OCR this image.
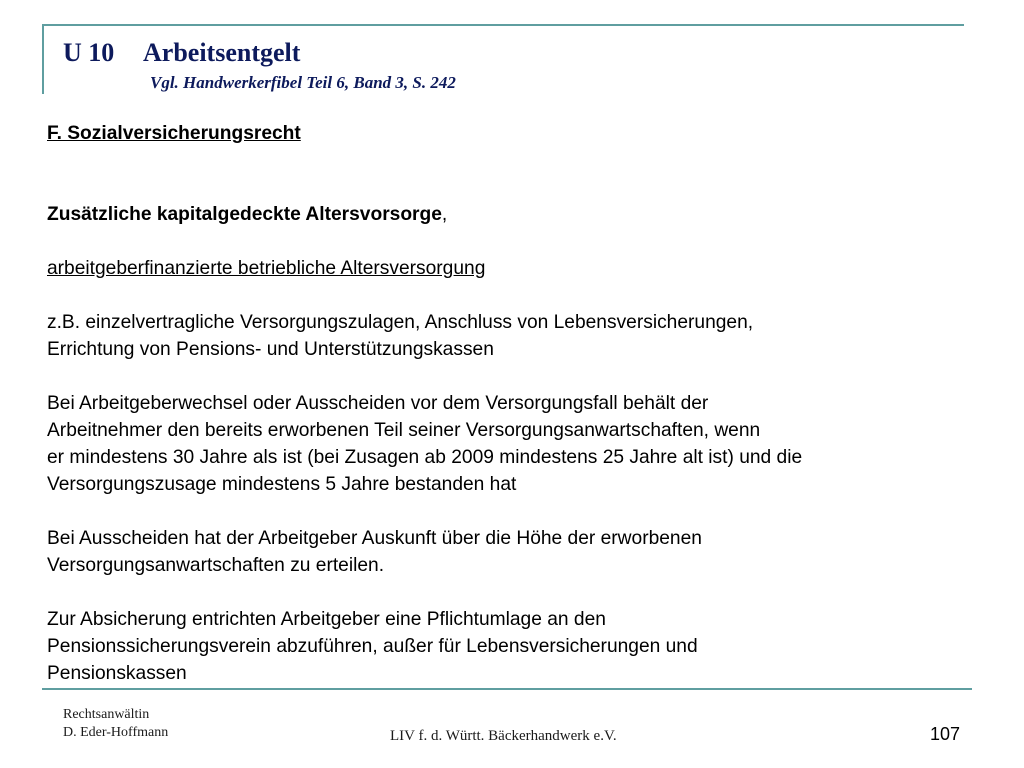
U 10 Arbeitsentgelt
Vgl. Handwerkerfibel Teil 6, Band 3, S. 242

F. Sozialversicherungsrecht

Zusätzliche kapitalgedeckte Altersvorsorge,

arbeitgeberfinanzierte betriebliche Altersversorgung

z.B. einzelvertragliche Versorgungszulagen, Anschluss von Lebensversicherungen,

Errichtung von Pensions- und Unterstützungskassen

Bei Arbeitgeberwechsel oder Ausscheiden vor dem Versorgungsfall behält der

Arbeitnehmer den bereits erworbenen Teil seiner Versorgungsanwartschaften, wenn

er mindestens 30 Jahre als ist (bei Zusagen ab 2009 mindestens 25 Jahre alt ist) und die

Versorgungszusage mindestens 5 Jahre bestanden hat

Bei Ausscheiden hat der Arbeitgeber Auskunft über die Höhe der erworbenen

Versorgungsanwartschaften zu erteilen.

Zur Absicherung entrichten Arbeitgeber eine Pflichtumlage an den

Pensionssicherungsverein abzuführen, außer für Lebensversicherungen und

Pensionskassen

Rechtsanwältin
D. Eder-Hoffmann	LIV f. d. Württ. Bäckerhandwerk e.V.	107
